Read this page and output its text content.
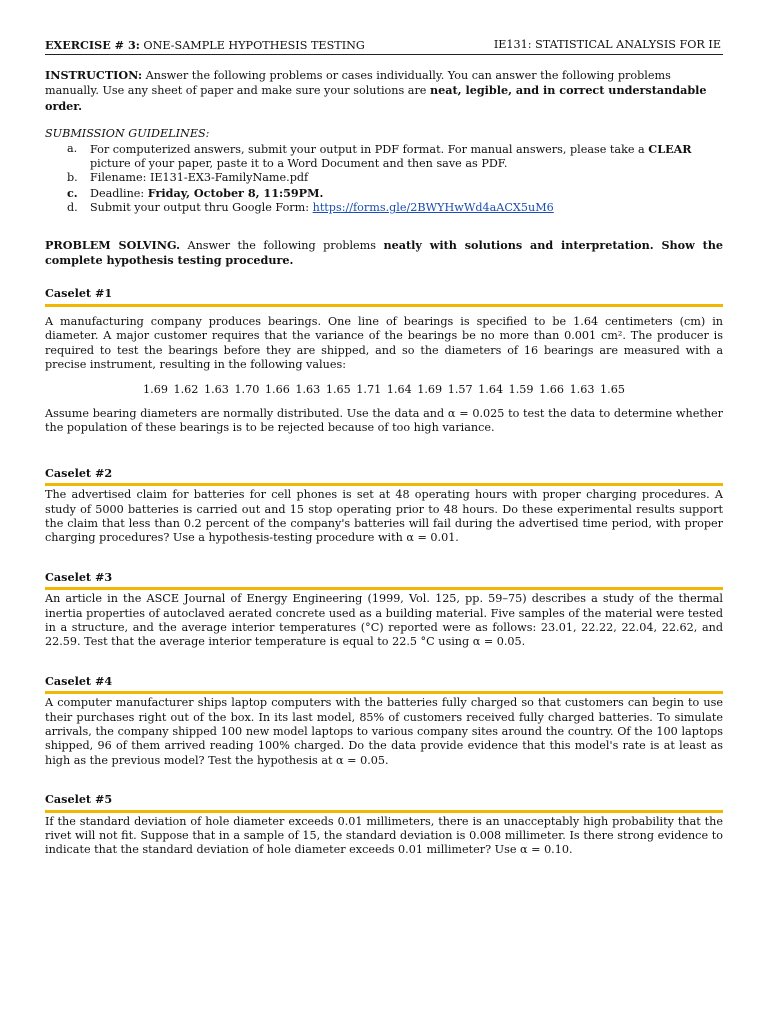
EXERCISE # 3: ONE-SAMPLE HYPOTHESIS TESTING	IE131: STATISTICAL ANALYSIS FOR IE
INSTRUCTION: Answer the following problems or cases individually. You can answer the following problems manually. Use any sheet of paper and make sure your solutions are neat, legible, and in correct understandable order.
SUBMISSION GUIDELINES:
a. For computerized answers, submit your output in PDF format. For manual answers, please take a CLEAR picture of your paper, paste it to a Word Document and then save as PDF.
b. Filename: IE131-EX3-FamilyName.pdf
c. Deadline: Friday, October 8, 11:59PM.
d. Submit your output thru Google Form: https://forms.gle/2BWYHwWd4aACX5uM6
PROBLEM SOLVING. Answer the following problems neatly with solutions and interpretation. Show the complete hypothesis testing procedure.
Caselet #1
A manufacturing company produces bearings. One line of bearings is specified to be 1.64 centimeters (cm) in diameter. A major customer requires that the variance of the bearings be no more than 0.001 cm². The producer is required to test the bearings before they are shipped, and so the diameters of 16 bearings are measured with a precise instrument, resulting in the following values:
1.69 1.62 1.63 1.70 1.66 1.63 1.65 1.71 1.64 1.69 1.57 1.64 1.59 1.66 1.63 1.65
Assume bearing diameters are normally distributed. Use the data and α = 0.025 to test the data to determine whether the population of these bearings is to be rejected because of too high variance.
Caselet #2
The advertised claim for batteries for cell phones is set at 48 operating hours with proper charging procedures. A study of 5000 batteries is carried out and 15 stop operating prior to 48 hours. Do these experimental results support the claim that less than 0.2 percent of the company's batteries will fail during the advertised time period, with proper charging procedures? Use a hypothesis-testing procedure with α = 0.01.
Caselet #3
An article in the ASCE Journal of Energy Engineering (1999, Vol. 125, pp. 59–75) describes a study of the thermal inertia properties of autoclaved aerated concrete used as a building material. Five samples of the material were tested in a structure, and the average interior temperatures (°C) reported were as follows: 23.01, 22.22, 22.04, 22.62, and 22.59. Test that the average interior temperature is equal to 22.5 °C using α = 0.05.
Caselet #4
A computer manufacturer ships laptop computers with the batteries fully charged so that customers can begin to use their purchases right out of the box. In its last model, 85% of customers received fully charged batteries. To simulate arrivals, the company shipped 100 new model laptops to various company sites around the country. Of the 100 laptops shipped, 96 of them arrived reading 100% charged. Do the data provide evidence that this model's rate is at least as high as the previous model? Test the hypothesis at α = 0.05.
Caselet #5
If the standard deviation of hole diameter exceeds 0.01 millimeters, there is an unacceptably high probability that the rivet will not fit. Suppose that in a sample of 15, the standard deviation is 0.008 millimeter. Is there strong evidence to indicate that the standard deviation of hole diameter exceeds 0.01 millimeter? Use α = 0.10.
